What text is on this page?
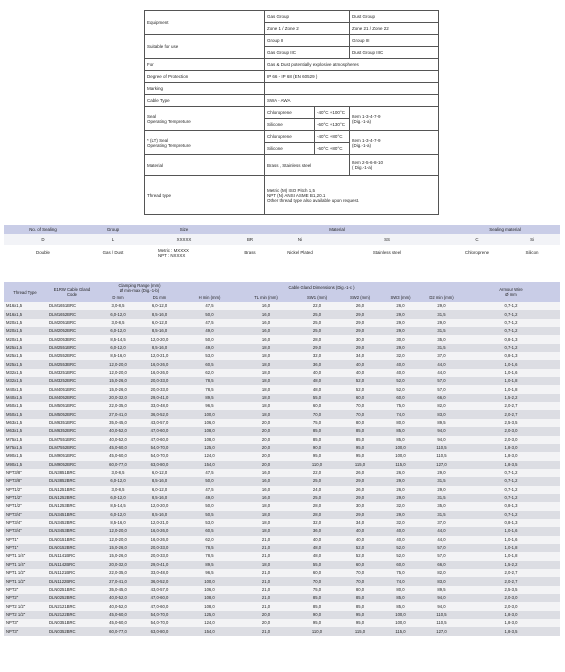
Equipment	Gas Group		Dust Group
	Zone 1 / Zone 2		Zone 21 / Zone 22
Suitable for use	Group II		Group III
	Gas Group IIC		Dust Group IIIC
For	Gas & Dust potentially explosive atmospheres		
Degree of Protection	IP 66 - IP 68 (EN 60529 )		
Marking			
Cable Type	SWA - AWA		
Seal
Operating Tempreture	Chloroprene	-40°C +100°C	Item 1-3-4-7-9
(Dig.-1-a)
	Silicone	-60°C +130°C	
* (LT) Seal
Operating Tempreture	Chloroprene	-40°C +80°C	Item 1-3-4-7-9
(Dig.-1-a)
	Silicone	-60°C +80°C	
Material	Brass , Stainless steel		Item 2-5-6-8-10
( Dig.-1-a)
Thread type	Metric (M) ISO Pitch 1,5
NPT (N) ANSI ASME B1,20.1
Other thread type also available upon request.		
No. of Sealing	Group	Size	Material			Sealing material	
D	L	XXXXX	BR	Ni	SS	C	Si
Double	Gas / Dust	Metric : MXXXX
NPT : NXXXX	Brass	Nickel Plated	Stainless steel	Chloroprene	Silicon
Thread Type	E1RW Cable Gland
Code	Clamping Range (mm)
Ø min-max (Dig.-1-b)		Cable Gland Dimensions (Dig.-1-c )						Armour Wire
Ø mm
		D mm	D1 mm	H min (mm)	TL min (mm)	SW1 (mm)	SW2 (mm)	SW3 (mm)	D2 min (mm)	
M16x1,5	DLM1651BRC	3,0-8,5	6,0-12,0	47,5	16,0	22,0	26,0	26,0	29,0	0,7-1,2
M16x1,5	DLM1652BRC	6,0-12,0	8,5-16,0	50,0	16,0	25,0	29,0	29,0	31,5	0,7-1,2
M20x1,5	DLM2051BRC	3,0-8,5	6,0-12,0	47,5	16,0	25,0	29,0	29,0	29,0	0,7-1,2
M20x1,5	DLM2052BRC	6,0-12,0	8,5-16,0	49,0	16,0	25,0	29,0	29,0	31,5	0,7-1,2
M20x1,5	DLM2053BRC	8,5-14,5	12,0-20,0	50,0	16,0	28,0	30,0	30,0	35,0	0,8-1,3
M25x1,5	DLM2551BRC	6,0-12,0	8,5-16,0	49,0	18,0	29,0	29,0	29,0	31,5	0,7-1,2
M25x1,5	DLM2552BRC	8,5-16,0	12,0-21,0	53,0	18,0	32,0	34,0	32,0	37,0	0,8-1,3
M25x1,5	DLM2553BRC	12,0-20,0	16,0-26,0	60,5	18,0	36,0	40,0	40,0	44,0	1,0-1,6
M32x1,5	DLM3251BRC	12,0-20,0	16,0-26,0	62,0	18,0	40,0	40,0	40,0	44,0	1,0-1,6
M32x1,5	DLM3252BRC	15,0-26,0	20,0-33,0	78,5	18,0	48,0	52,0	52,0	57,0	1,0-1,8
M40x1,5	DLM4051BRC	15,0-26,0	20,0-33,0	78,5	18,0	48,0	52,0	52,0	57,0	1,0-1,8
M40x1,5	DLM4052BRC	20,0-32,0	29,0-41,0	89,5	18,0	55,0	60,0	60,0	66,0	1,5-2,2
M50x1,5	DLM5051BRC	22,0-35,0	33,0-48,0	96,5	18,0	60,0	70,0	75,0	82,0	2,0-2,7
M50x1,5	DLM5052BRC	27,0-41,0	36,0-52,0	100,0	18,0	70,0	70,0	74,0	83,0	2,0-2,7
M63x1,5	DLM6351BRC	35,0-45,0	43,0-57,0	106,0	20,0	75,0	80,0	80,0	89,5	2,5-3,5
M63x1,5	DLM6352BRC	40,0-52,0	47,0-60,0	108,0	20,0	85,0	85,0	85,0	94,0	2,0-3,0
M75x1,5	DLM7551BRC	40,0-52,0	47,0-60,0	108,0	20,0	85,0	85,0	85,0	94,0	2,0-3,0
M75x1,5	DLM7552BRC	45,0-60,0	54,0-70,0	125,0	20,0	90,0	95,0	100,0	110,5	1,8-3,0
M90x1,5	DLM9051BRC	45,0-60,0	54,0-70,0	124,0	20,0	95,0	95,0	100,0	110,5	1,8-3,0
M90x1,5	DLM9052BRC	60,0-77,0	63,0-80,0	154,0	20,0	110,0	115,0	115,0	127,0	1,8-3,5
NPT3/8"	DLN3851BRC	3,0-8,5	6,0-12,0	47,5	16,0	22,0	26,0	26,0	29,0	0,7-1,2
NPT3/8"	DLN3852BRC	6,0-12,0	8,5-16,0	50,0	16,0	25,0	29,0	29,0	31,5	0,7-1,2
NPT1/2"	DLN1251BRC	3,0-8,5	6,0-12,0	47,5	16,0	24,0	26,0	26,0	29,0	0,7-1,2
NPT1/2"	DLN1252BRC	6,0-12,0	8,5-16,0	49,0	16,0	25,0	29,0	29,0	31,5	0,7-1,2
NPT1/2"	DLN1253BRC	8,5-14,5	12,0-20,0	50,0	18,0	28,0	30,0	32,0	35,0	0,8-1,3
NPT3/4"	DLN3451BRC	6,0-12,0	8,5-16,0	50,5	18,0	28,0	29,0	29,0	31,5	0,7-1,2
NPT3/4"	DLN3452BRC	8,5-16,0	12,0-21,0	53,0	18,0	32,0	34,0	32,0	37,0	0,8-1,3
NPT3/4"	DLN3453BRC	12,0-20,0	16,0-26,0	60,5	18,0	36,0	40,0	40,0	44,0	1,0-1,6
NPT1"	DLN0151BRC	12,0-20,0	16,0-26,0	62,0	21,0	40,0	40,0	40,0	44,0	1,0-1,6
NPT1"	DLN0152BRC	15,0-26,0	20,0-33,0	78,5	21,0	48,0	52,0	52,0	57,0	1,0-1,8
NPT1 1/4"	DLN1141BRC	15,0-26,0	20,0-33,0	78,5	21,0	48,0	52,0	52,0	57,0	1,0-1,8
NPT1 1/4"	DLN1142BRC	20,0-32,0	29,0-41,0	89,5	18,0	55,0	60,0	60,0	66,0	1,5-2,2
NPT1 1/2"	DLN1121BRC	22,0-35,0	33,0-48,0	96,5	21,0	60,0	70,0	75,0	82,0	2,0-2,7
NPT1 1/2"	DLN1122BRC	27,0-41,0	36,0-52,0	100,0	21,0	70,0	70,0	74,0	83,0	2,0-2,7
NPT2"	DLN0251BRC	35,0-45,0	43,0-57,0	106,0	21,0	75,0	80,0	80,0	89,5	2,5-3,5
NPT2"	DLN0252BRC	40,0-52,0	47,0-60,0	108,0	21,0	85,0	85,0	85,0	94,0	2,0-3,0
NPT2 1/2"	DLN2121BRC	40,0-52,0	47,0-60,0	108,0	21,0	85,0	85,0	85,0	94,0	2,0-3,0
NPT2 1/2"	DLN2122BRC	45,0-60,0	54,0-70,0	125,0	20,0	90,0	95,0	100,0	110,5	1,8-3,0
NPT3"	DLN0351BRC	45,0-60,0	54,0-70,0	124,0	20,0	95,0	95,0	100,0	110,5	1,8-3,0
NPT3"	DLN0352BRC	60,0-77,0	63,0-80,0	154,0	21,0	110,0	115,0	115,0	127,0	1,8-3,5
